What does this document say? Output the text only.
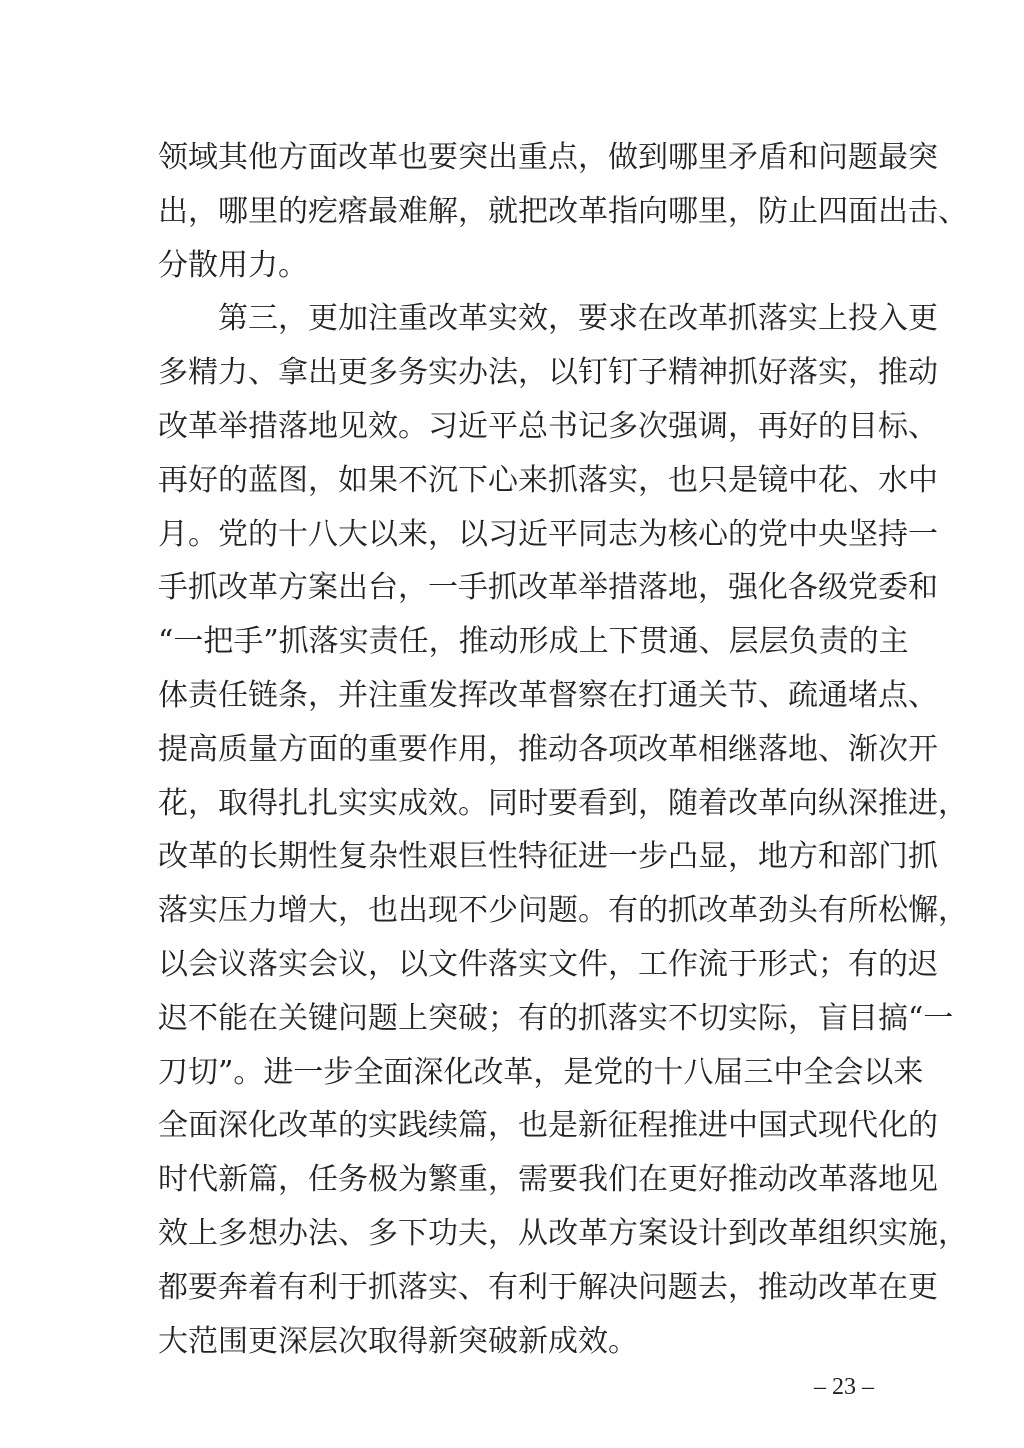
领域其他方面改革也要突出重点，做到哪里矛盾和问题最突
出，哪里的疙瘩最难解，就把改革指向哪里，防止四面出击、
分散用力。
第三，更加注重改革实效，要求在改革抓落实上投入更
多精力、拿出更多务实办法，以钉钉子精神抓好落实，推动
改革举措落地见效。习近平总书记多次强调，再好的目标、
再好的蓝图，如果不沉下心来抓落实，也只是镜中花、水中
月。党的十八大以来，以习近平同志为核心的党中央坚持一
手抓改革方案出台，一手抓改革举措落地，强化各级党委和
“一把手”抓落实责任，推动形成上下贯通、层层负责的主
体责任链条，并注重发挥改革督察在打通关节、疏通堵点、
提高质量方面的重要作用，推动各项改革相继落地、渐次开
花，取得扎扎实实成效。同时要看到，随着改革向纵深推进，
改革的长期性复杂性艰巨性特征进一步凸显，地方和部门抓
落实压力增大，也出现不少问题。有的抓改革劲头有所松懈，
以会议落实会议，以文件落实文件，工作流于形式；有的迟
迟不能在关键问题上突破；有的抓落实不切实际，盲目搞“一
刀切”。进一步全面深化改革，是党的十八届三中全会以来
全面深化改革的实践续篇，也是新征程推进中国式现代化的
时代新篇，任务极为繁重，需要我们在更好推动改革落地见
效上多想办法、多下功夫，从改革方案设计到改革组织实施，
都要奔着有利于抓落实、有利于解决问题去，推动改革在更
大范围更深层次取得新突破新成效。
– 23 –
